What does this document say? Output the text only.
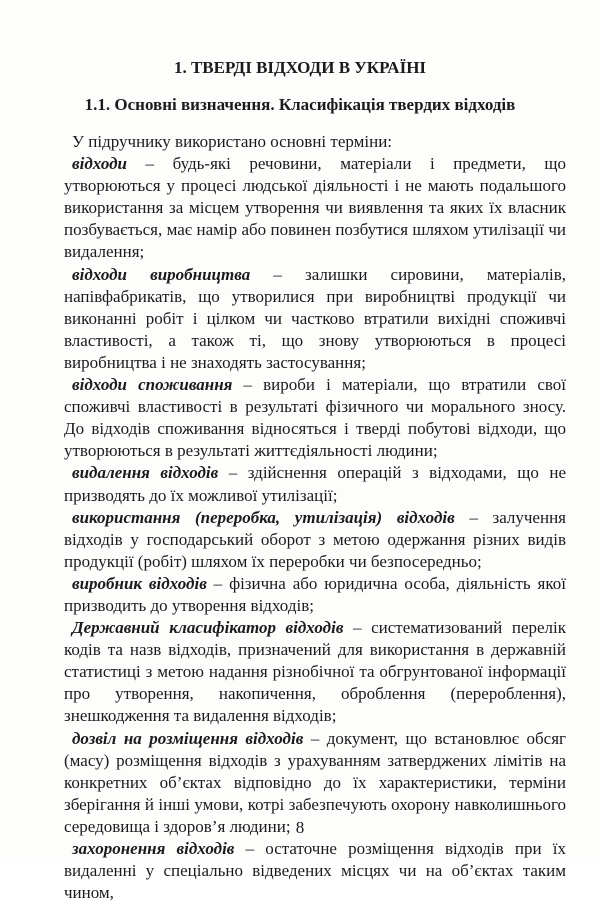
1. ТВЕРДІ ВІДХОДИ В УКРАЇНІ
1.1. Основні визначення. Класифікація твердих відходів

У підручнику використано основні терміни:

відходи – будь-які речовини, матеріали і предмети, що утворюються у процесі людської діяльності і не мають подальшого використання за місцем утворення чи виявлення та яких їх власник позбувається, має намір або повинен позбутися шляхом утилізації чи видалення;

відходи виробництва – залишки сировини, матеріалів, напівфабрикатів, що утворилися при виробництві продукції чи виконанні робіт і цілком чи частково втратили вихідні споживчі властивості, а також ті, що знову утворюються в процесі виробництва і не знаходять застосування;

відходи споживання – вироби і матеріали, що втратили свої споживчі властивості в результаті фізичного чи морального зносу. До відходів споживання відносяться і тверді побутові відходи, що утворюються в результаті життєдіяльності людини;

видалення відходів – здійснення операцій з відходами, що не призводять до їх можливої утилізації;

використання (переробка, утилізація) відходів – залучення відходів у господарський оборот з метою одержання різних видів продукції (робіт) шляхом їх переробки чи безпосередньо;

виробник відходів – фізична або юридична особа, діяльність якої призводить до утворення відходів;

Державний класифікатор відходів – систематизований перелік кодів та назв відходів, призначений для використання в державній статистиці з метою надання різнобічної та обгрунтованої інформації про утворення, накопичення, оброблення (перероблення), знешкодження та видалення відходів;

дозвіл на розміщення відходів – документ, що встановлює обсяг (масу) розміщення відходів з урахуванням затверджених лімітів на конкретних об’єктах відповідно до їх характеристики, терміни зберігання й інші умови, котрі забезпечують охорону навколишнього середовища і здоров’я людини;

захоронення відходів – остаточне розміщення відходів при їх видаленні у спеціально відведених місцях чи на об’єктах таким чином,

8
